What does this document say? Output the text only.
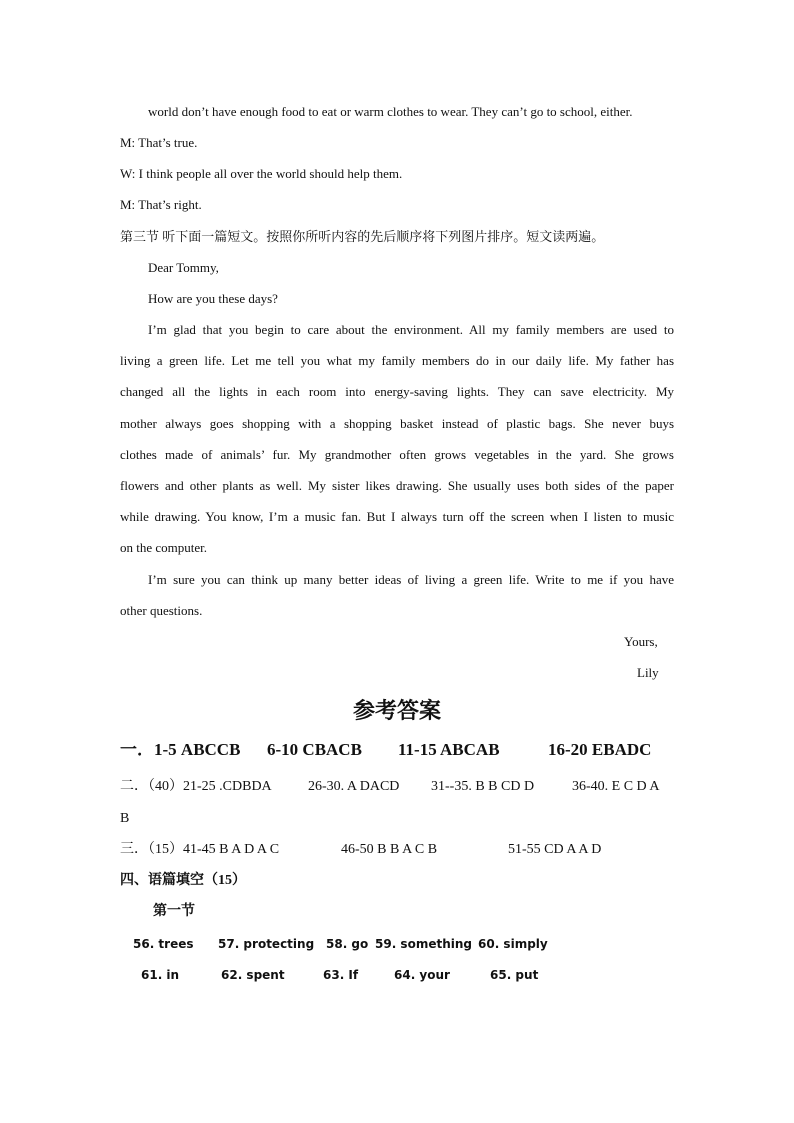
world don’t have enough food to eat or warm clothes to wear. They can’t go to school, either.
M: That’s true.
W: I think people all over the world should help them.
M: That’s right.
第三节 听下面一篇短文。按照你所听内容的先后顺序将下列图片排序。短文读两遍。
Dear Tommy,
How are you these days?
I’m glad that you begin to care about the environment. All my family members are used to
living a green life. Let me tell you what my family members do in our daily life. My father has
changed all the lights in each room into energy-saving lights. They can save electricity. My
mother always goes shopping with a shopping basket instead of plastic bags. She never buys
clothes made of animals’ fur. My grandmother often grows vegetables in the yard. She grows
flowers and other plants as well. My sister likes drawing. She usually uses both sides of the paper
while drawing. You know, I’m a music fan. But I always turn off the screen when I listen to music
on the computer.
I’m sure you can think up many better ideas of living a green life. Write to me if you have
other questions.
Yours,
Lily
参考答案
一．1-5 ABCCB 6-10 CBACB 11-15 ABCAB	16-20 EBADC
二．（40）21-25 .CDBDA	26-30. A DACD 31--35. B B CD D	36-40. E C D A
B
三．（15）41-45 B A D A C	46-50 B B A C B	51-55 CD A A D
四、语篇填空（15）
第一节
56. trees 57. protecting 58. go 59. something 60. simply
61. in	62. spent	63. If	64. your	65. put
